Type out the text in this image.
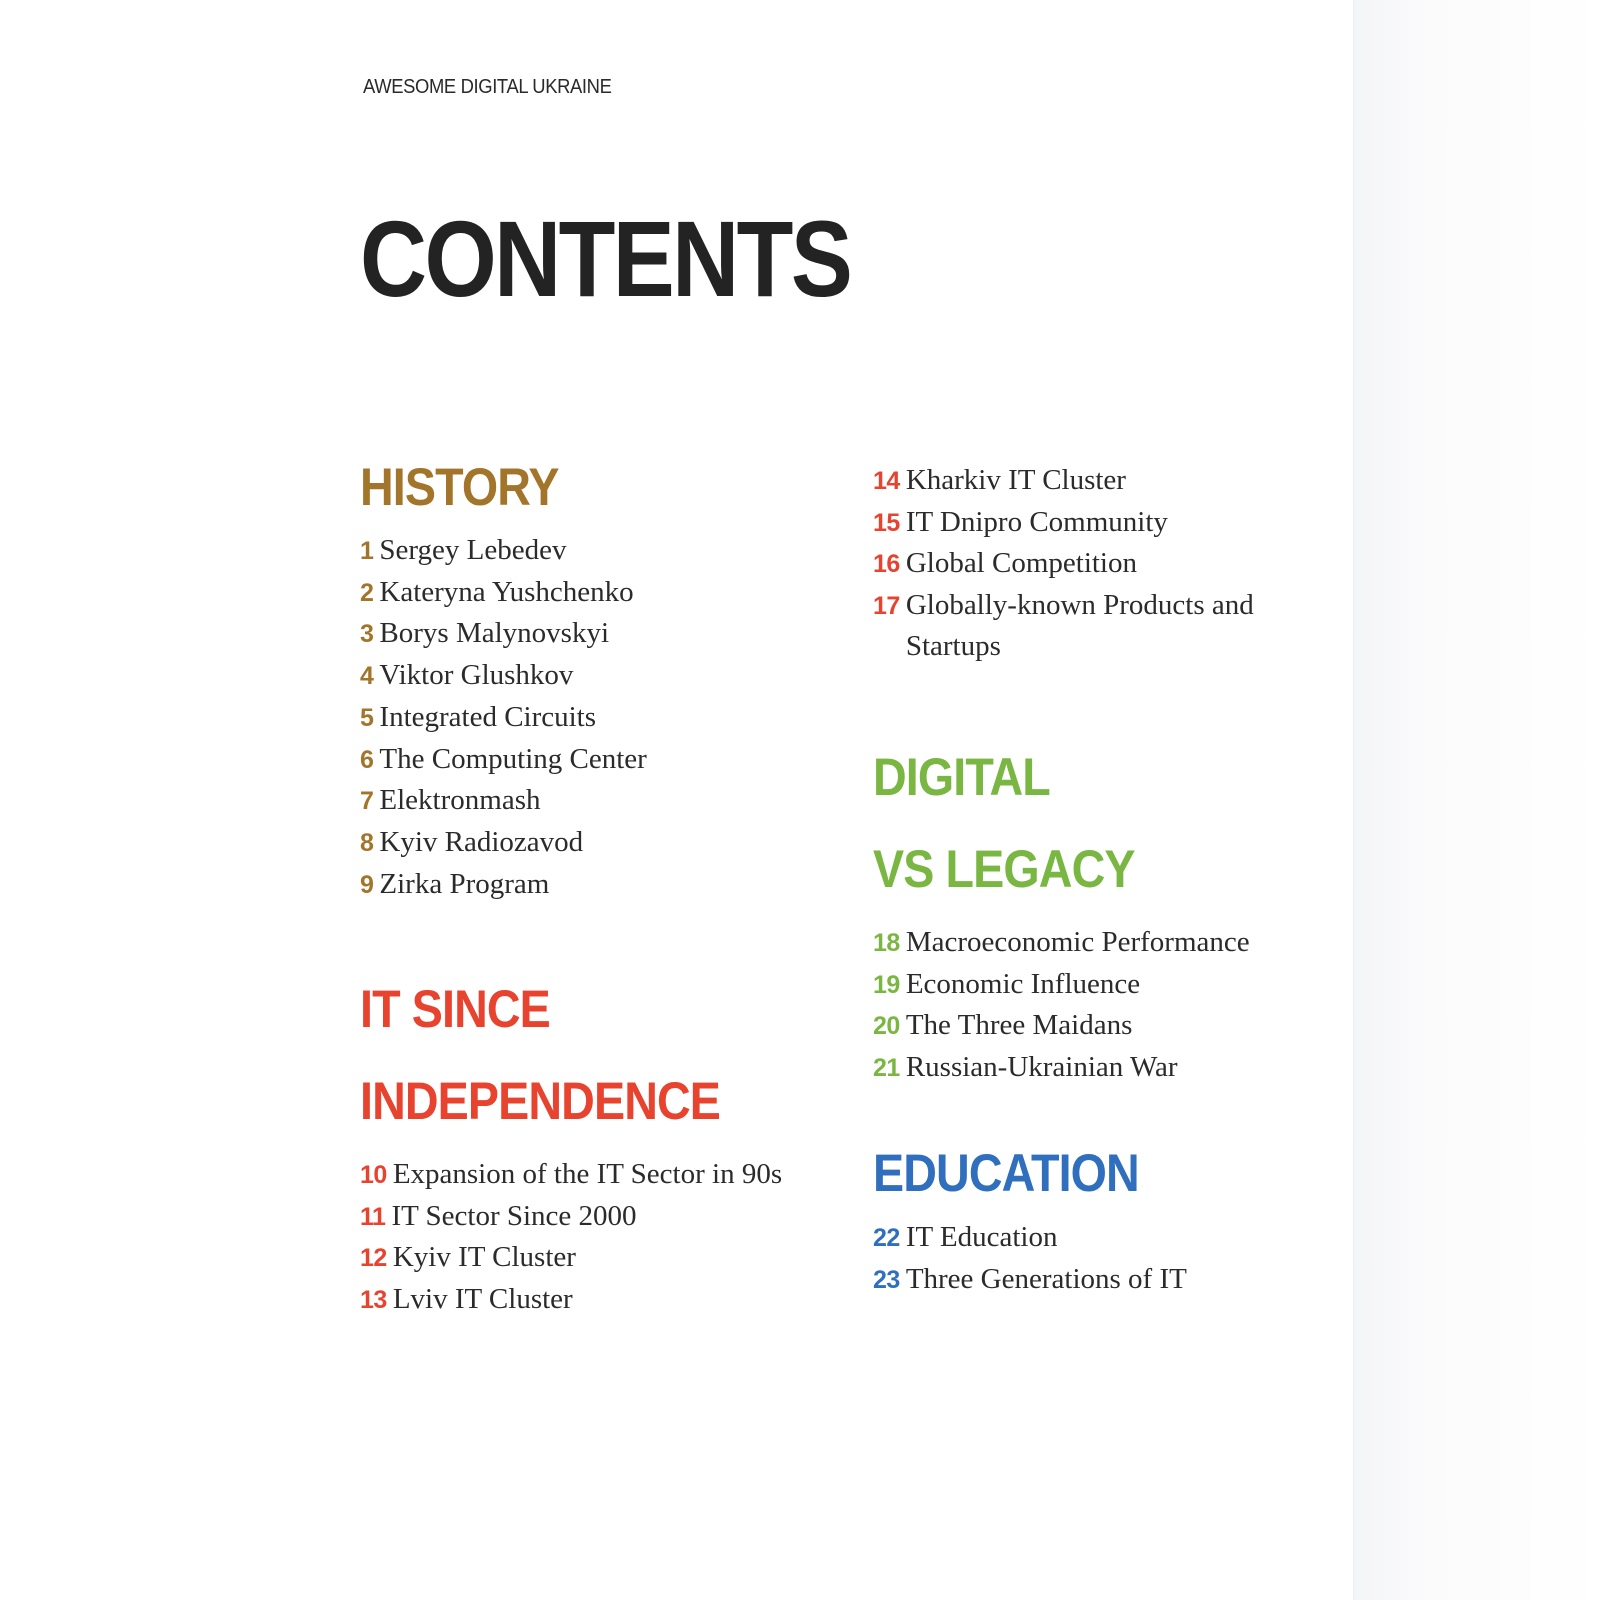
AWESOME DIGITAL UKRAINE
CONTENTS
HISTORY
1 Sergey Lebedev
2 Kateryna Yushchenko
3 Borys Malynovskyi
4 Viktor Glushkov
5 Integrated Circuits
6 The Computing Center
7 Elektronmash
8 Kyiv Radiozavod
9 Zirka Program
IT SINCE
INDEPENDENCE
10 Expansion of the IT Sector in 90s
11 IT Sector Since 2000
12 Kyiv IT Cluster
13 Lviv IT Cluster
14 Kharkiv IT Cluster
15 IT Dnipro Community
16 Global Competition
17 Globally-known Products and
Startups
DIGITAL
VS LEGACY
18 Macroeconomic Performance
19 Economic Influence
20 The Three Maidans
21 Russian-Ukrainian War
EDUCATION
22 IT Education
23 Three Generations of IT
